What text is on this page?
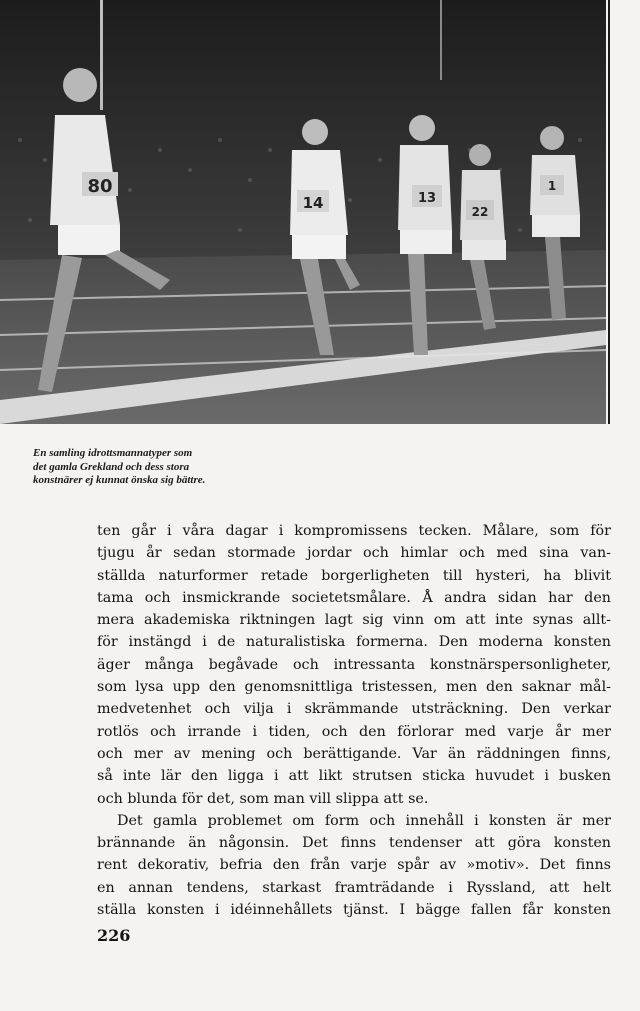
80
14	13
22
1
En samling idrottsmannatyper som
det gamla Grekland och dess stora
konstnärer ej kunnat önska sig bättre.
ten går i våra dagar i kompromissens tecken. Målare, som för
tjugu år sedan stormade jordar och himlar och med sina van-
ställda naturformer retade borgerligheten till hysteri, ha blivit
tama och insmickrande societetsmålare. Å andra sidan har den
mera akademiska riktningen lagt sig vinn om att inte synas allt-
för instängd i de naturalistiska formerna. Den moderna konsten
äger många begåvade och intressanta konstnärspersonligheter,
som lysa upp den genomsnittliga tristessen, men den saknar mål-
medvetenhet och vilja i skrämmande utsträckning. Den verkar
rotlös och irrande i tiden, och den förlorar med varje år mer
och mer av mening och berättigande. Var än räddningen finns,
så inte lär den ligga i att likt strutsen sticka huvudet i busken
och blunda för det, som man vill slippa att se.
Det gamla problemet om form och innehåll i konsten är mer
brännande än någonsin. Det finns tendenser att göra konsten
rent dekorativ, befria den från varje spår av »motiv». Det finns
en annan tendens, starkast framträdande i Ryssland, att helt
ställa konsten i idéinnehållets tjänst. I bägge fallen får konsten
226
